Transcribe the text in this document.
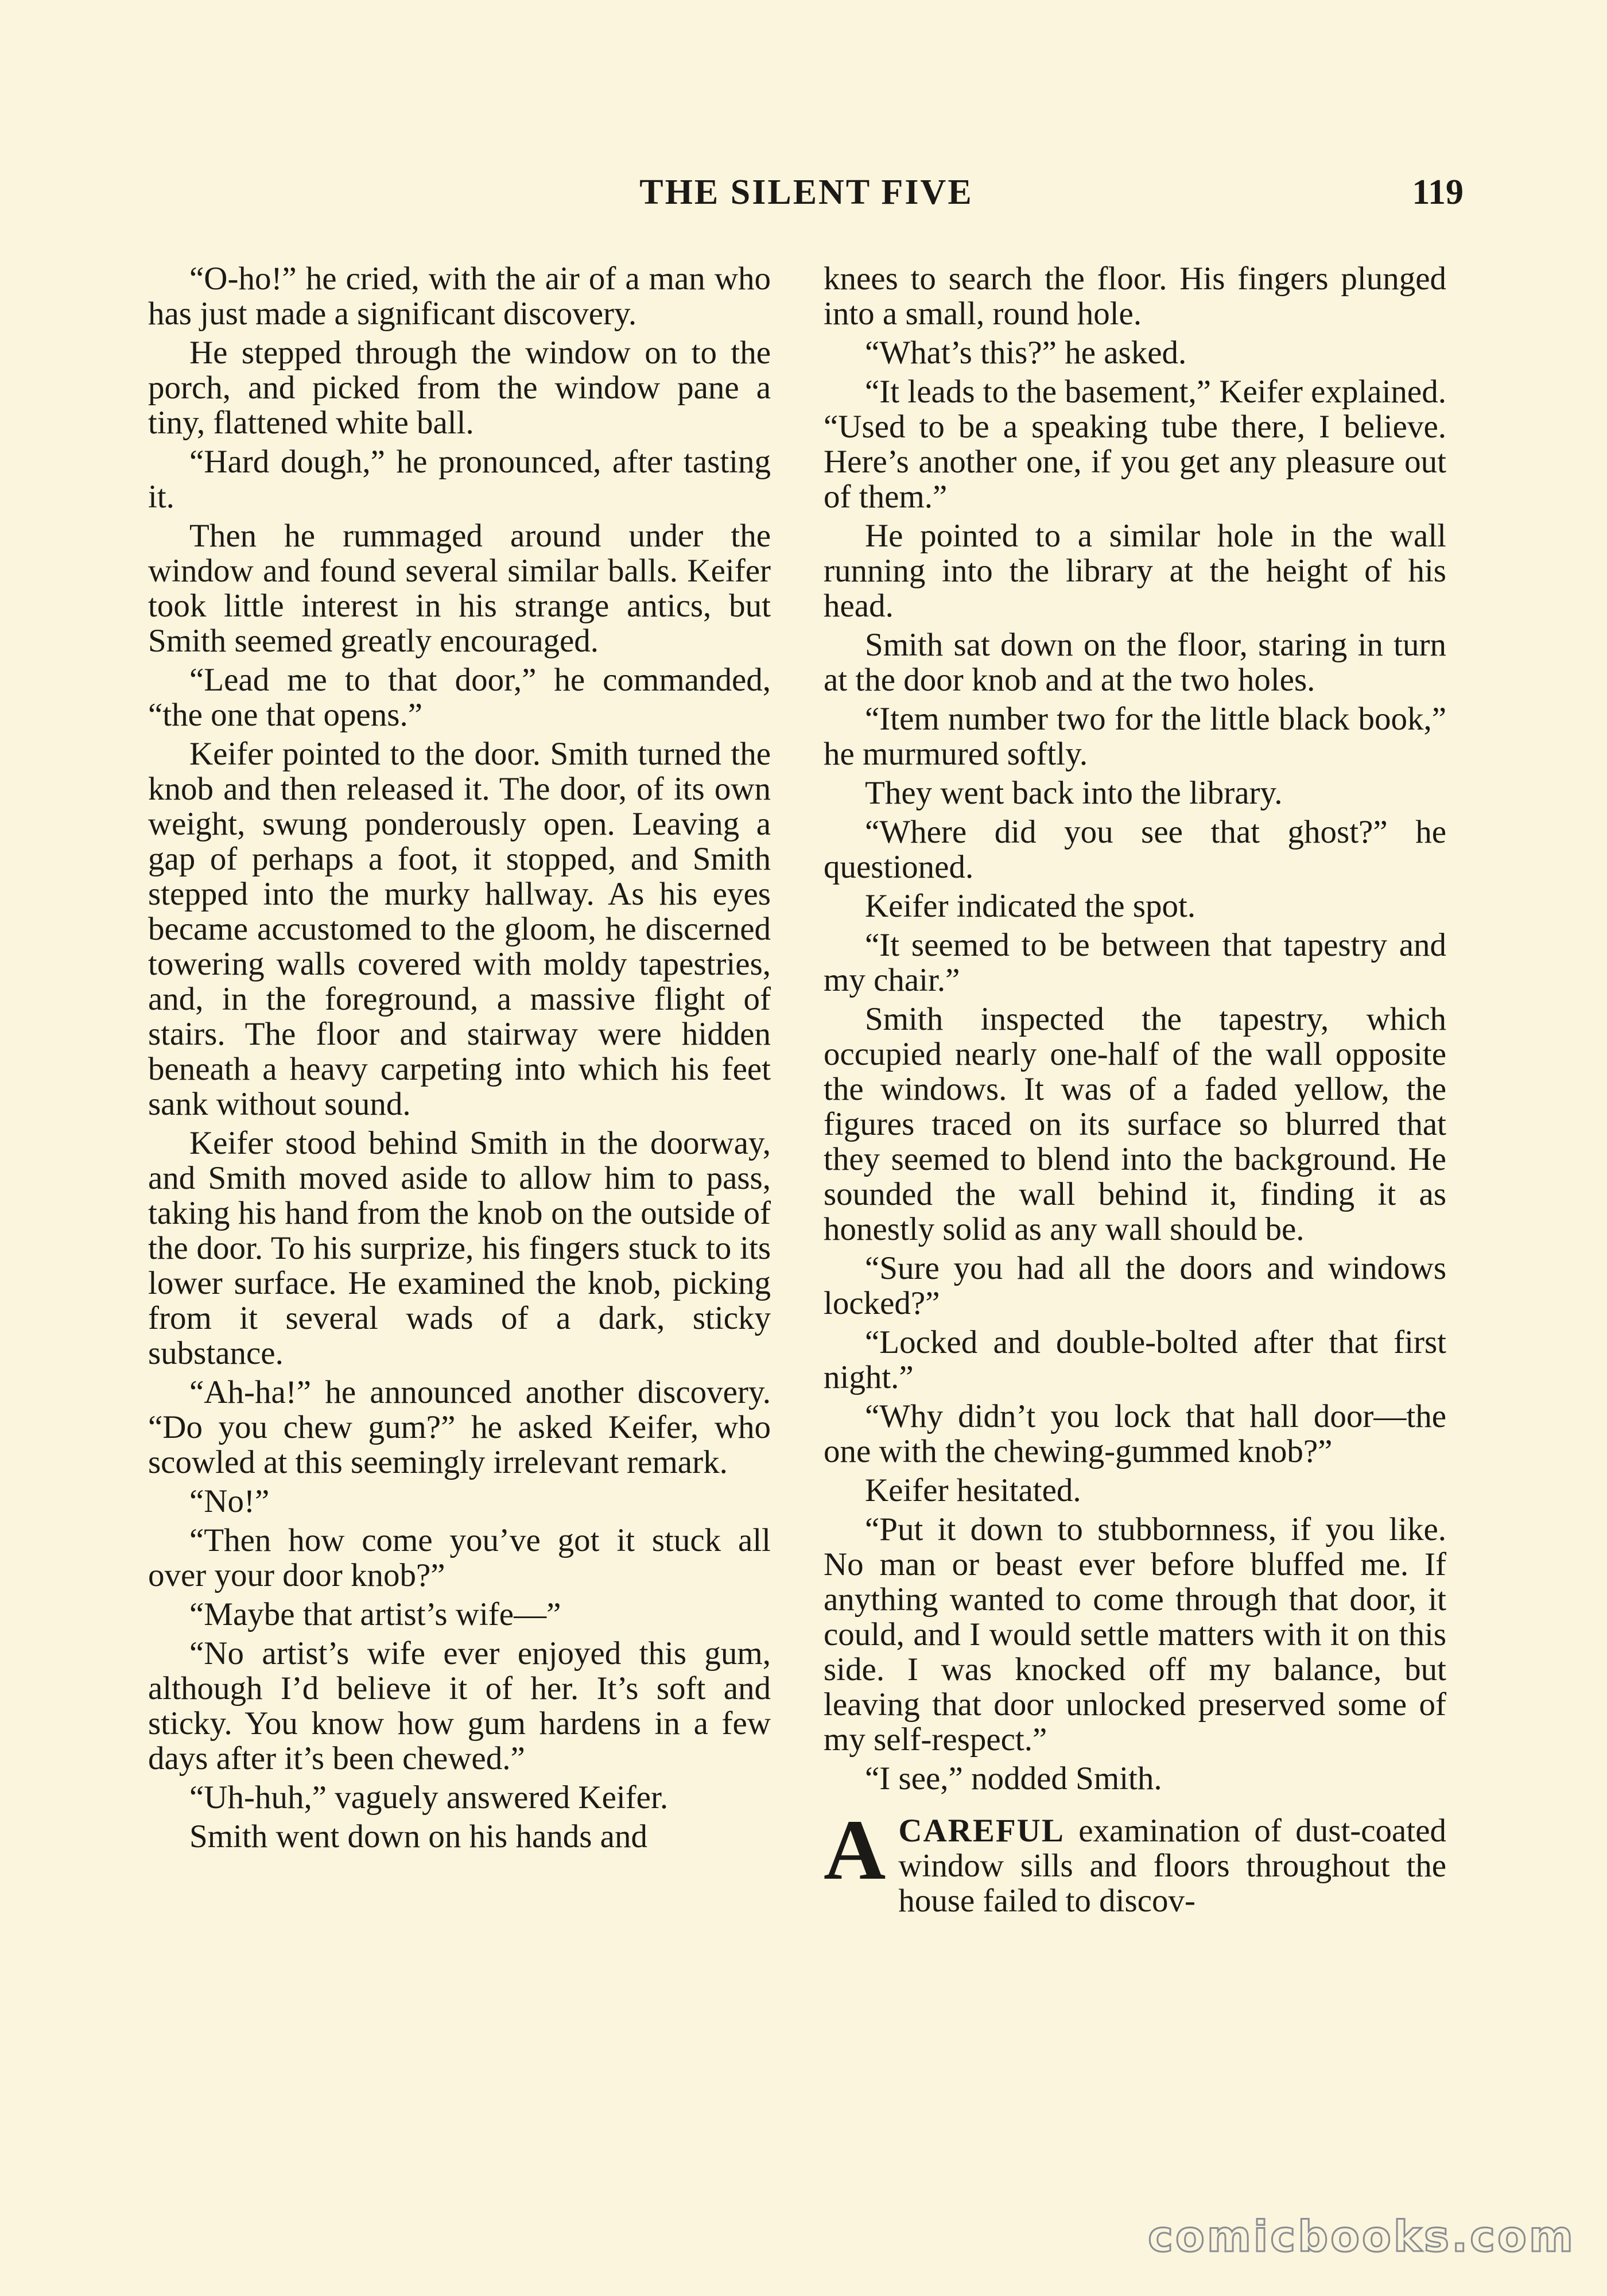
THE SILENT FIVE	119

“O-ho!” he cried, with the air of a man who has just made a significant discovery.

He stepped through the window on to the porch, and picked from the window pane a tiny, flattened white ball.

“Hard dough,” he pronounced, after tasting it.

Then he rummaged around under the window and found several similar balls. Keifer took little interest in his strange antics, but Smith seemed greatly encouraged.

“Lead me to that door,” he commanded, “the one that opens.”

Keifer pointed to the door. Smith turned the knob and then released it. The door, of its own weight, swung ponderously open. Leaving a gap of perhaps a foot, it stopped, and Smith stepped into the murky hallway. As his eyes became accustomed to the gloom, he discerned towering walls covered with moldy tapestries, and, in the foreground, a massive flight of stairs. The floor and stairway were hidden beneath a heavy carpeting into which his feet sank without sound.

Keifer stood behind Smith in the doorway, and Smith moved aside to allow him to pass, taking his hand from the knob on the outside of the door. To his surprize, his fingers stuck to its lower surface. He examined the knob, picking from it several wads of a dark, sticky substance.

“Ah-ha!” he announced another discovery. “Do you chew gum?” he asked Keifer, who scowled at this seemingly irrelevant remark.

“No!”

“Then how come you’ve got it stuck all over your door knob?”

“Maybe that artist’s wife—”

“No artist’s wife ever enjoyed this gum, although I’d believe it of her. It’s soft and sticky. You know how gum hardens in a few days after it’s been chewed.”

“Uh-huh,” vaguely answered Keifer.

Smith went down on his hands and

knees to search the floor. His fingers plunged into a small, round hole.

“What’s this?” he asked.

“It leads to the basement,” Keifer explained. “Used to be a speaking tube there, I believe. Here’s another one, if you get any pleasure out of them.”

He pointed to a similar hole in the wall running into the library at the height of his head.

Smith sat down on the floor, staring in turn at the door knob and at the two holes.

“Item number two for the little black book,” he murmured softly.

They went back into the library.

“Where did you see that ghost?” he questioned.

Keifer indicated the spot.

“It seemed to be between that tapestry and my chair.”

Smith inspected the tapestry, which occupied nearly one-half of the wall opposite the windows. It was of a faded yellow, the figures traced on its surface so blurred that they seemed to blend into the background. He sounded the wall behind it, finding it as honestly solid as any wall should be.

“Sure you had all the doors and windows locked?”

“Locked and double-bolted after that first night.”

“Why didn’t you lock that hall door—the one with the chewing-gummed knob?”

Keifer hesitated.

“Put it down to stubbornness, if you like. No man or beast ever before bluffed me. If anything wanted to come through that door, it could, and I would settle matters with it on this side. I was knocked off my balance, but leaving that door unlocked preserved some of my self-respect.”

“I see,” nodded Smith.

ACAREFUL examination of dust-coated window sills and floors throughout the house failed to discov-

comicbooks.com
